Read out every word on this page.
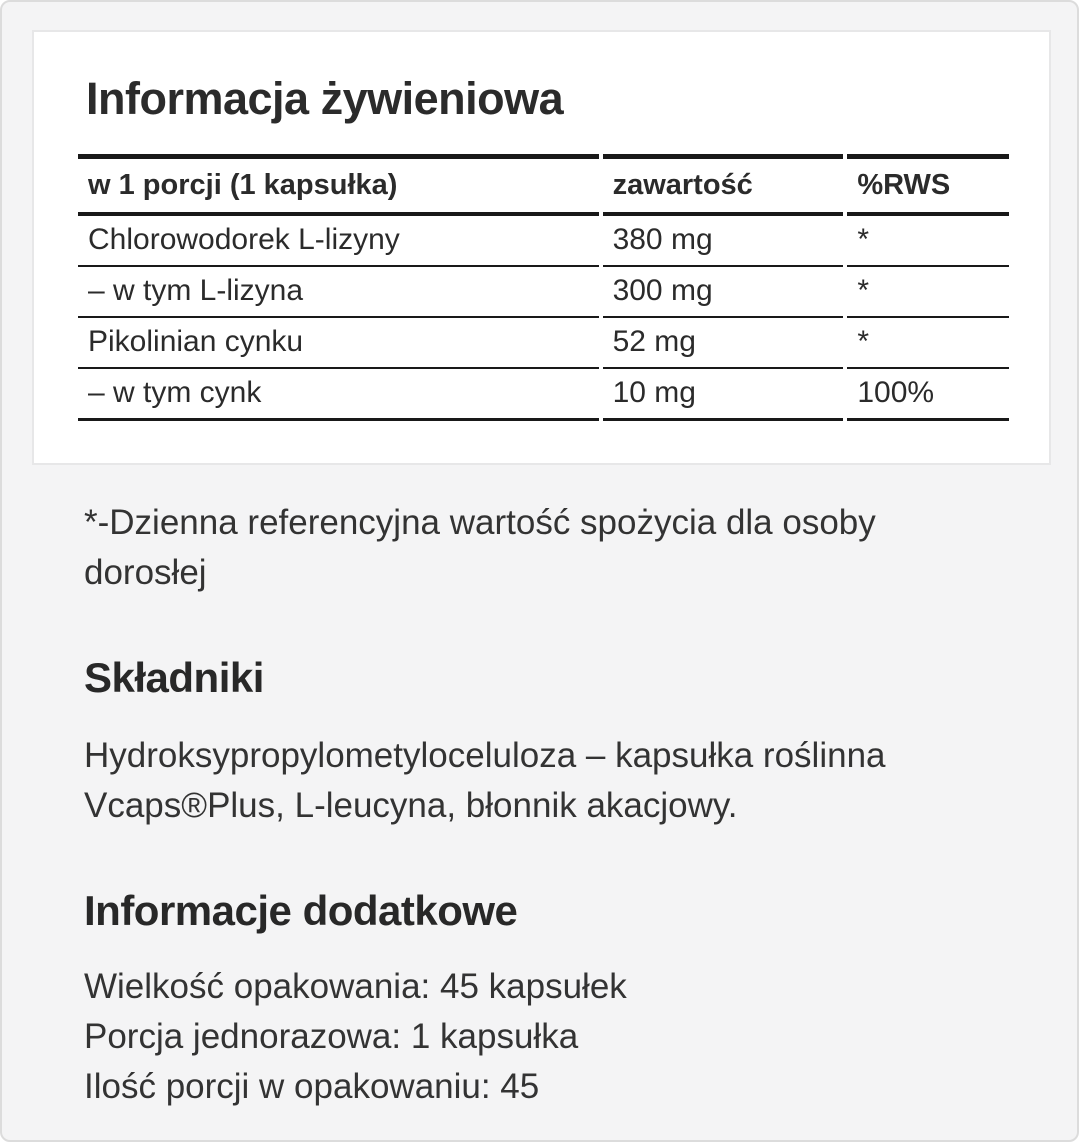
Informacja żywieniowa
w 1 porcji (1 kapsułka)	zawartość	%RWS
Chlorowodorek L-lizyny	380 mg	*
– w tym L-lizyna	300 mg	*
Pikolinian cynku	52 mg	*
– w tym cynk	10 mg	100%

*-Dzienna referencyjna wartość spożycia dla osoby dorosłej

Składniki

Hydroksypropylometyloceluloza – kapsułka roślinna Vcaps®Plus, L-leucyna, błonnik akacjowy.

Informacje dodatkowe

Wielkość opakowania: 45 kapsułek

Porcja jednorazowa: 1 kapsułka

Ilość porcji w opakowaniu: 45
